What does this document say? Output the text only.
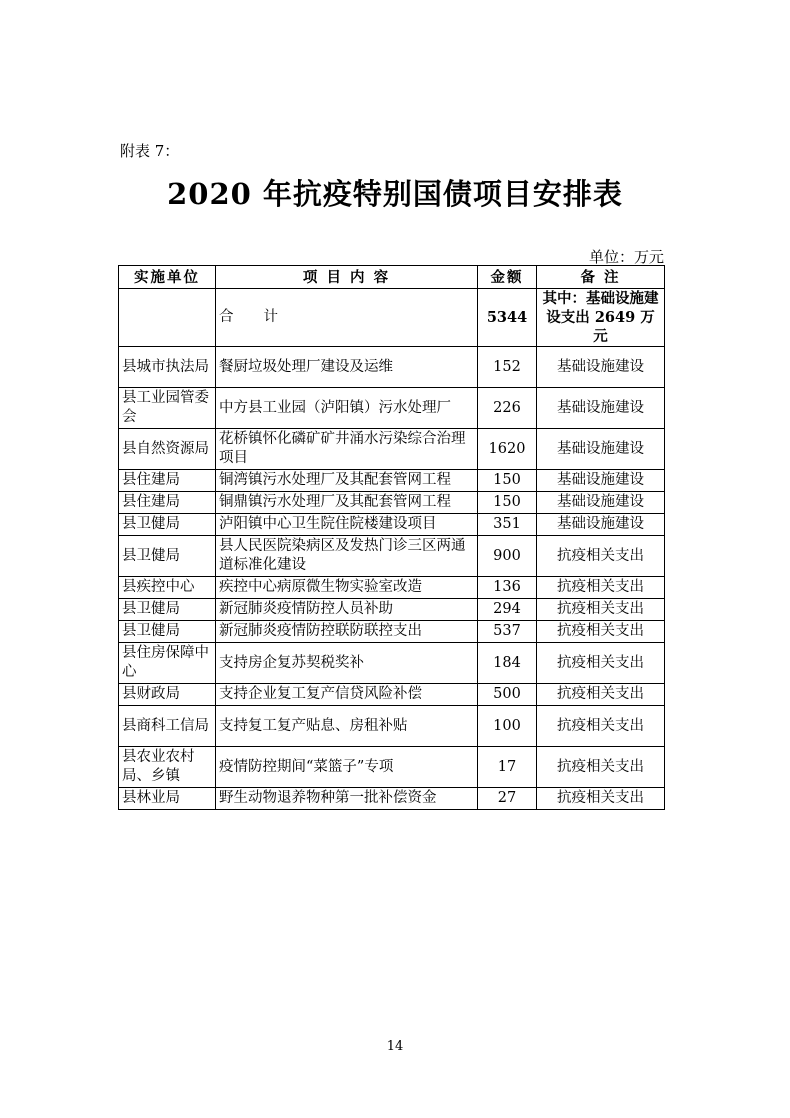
附表 7：
2020 年抗疫特别国债项目安排表
单位：万元
实施单位	项 目 内 容	金额	备 注
	合计	5344	其中：基础设施建设支出 2649 万元
县城市执法局	餐厨垃圾处理厂建设及运维	152	基础设施建设
县工业园管委会	中方县工业园（泸阳镇）污水处理厂	226	基础设施建设
县自然资源局	花桥镇怀化磷矿矿井涌水污染综合治理项目	1620	基础设施建设
县住建局	铜湾镇污水处理厂及其配套管网工程	150	基础设施建设
县住建局	铜鼎镇污水处理厂及其配套管网工程	150	基础设施建设
县卫健局	泸阳镇中心卫生院住院楼建设项目	351	基础设施建设
县卫健局	县人民医院染病区及发热门诊三区两通道标准化建设	900	抗疫相关支出
县疾控中心	疾控中心病原微生物实验室改造	136	抗疫相关支出
县卫健局	新冠肺炎疫情防控人员补助	294	抗疫相关支出
县卫健局	新冠肺炎疫情防控联防联控支出	537	抗疫相关支出
县住房保障中心	支持房企复苏契税奖补	184	抗疫相关支出
县财政局	支持企业复工复产信贷风险补偿	500	抗疫相关支出
县商科工信局	支持复工复产贴息、房租补贴	100	抗疫相关支出
县农业农村局、乡镇	疫情防控期间“菜篮子”专项	17	抗疫相关支出
县林业局	野生动物退养物种第一批补偿资金	27	抗疫相关支出
14
